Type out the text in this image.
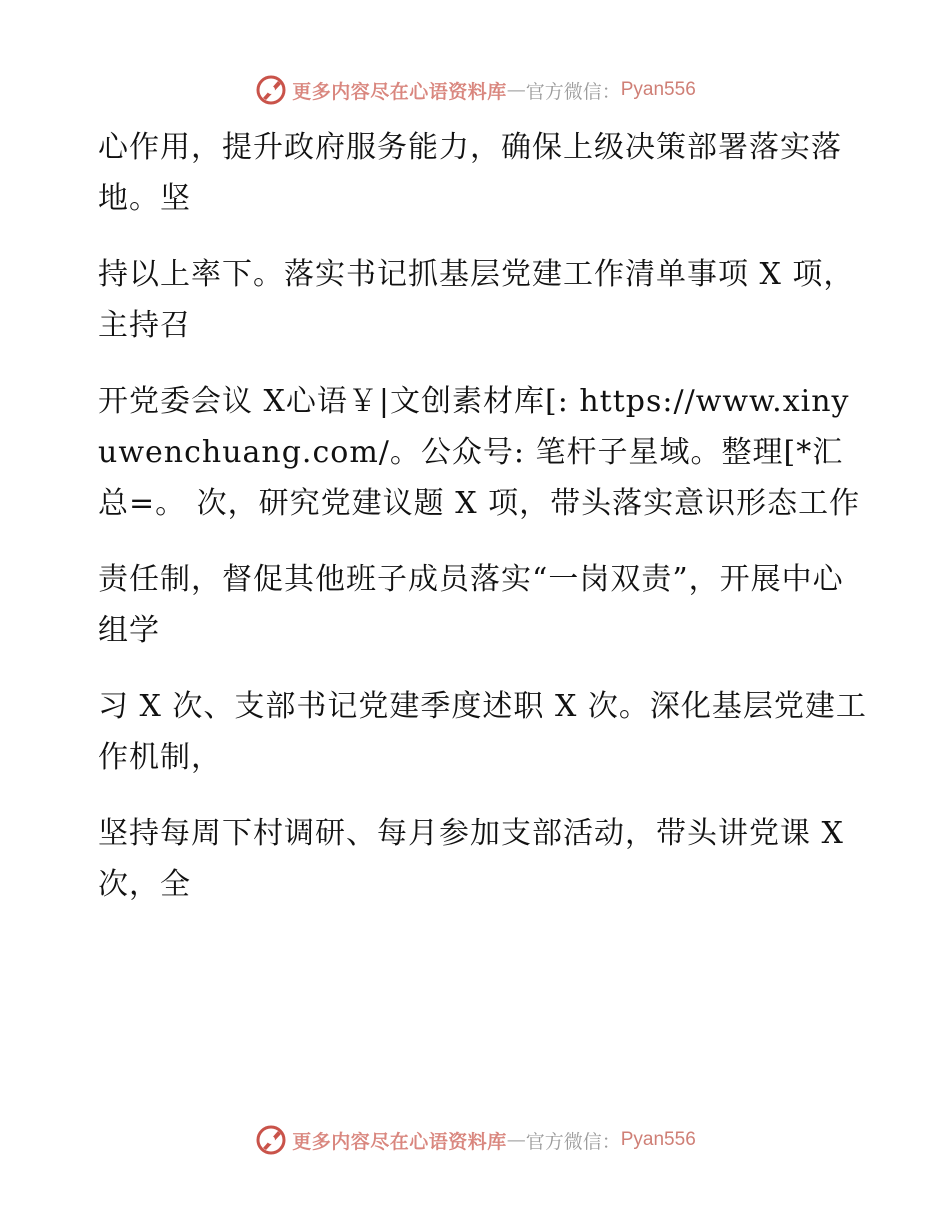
更多内容尽在心语资料库 — 官方微信： Pyan556

心作用，提升政府服务能力，确保上级决策部署落实落地。坚

持以上率下。落实书记抓基层党建工作清单事项 X 项，主持召

开党委会议 X心语￥|文创素材库[: https://www.xinyuwenchuang.com/。公众号: 笔杆子星域。整理[*汇总=。 次，研究党建议题 X 项，带头落实意识形态工作

责任制，督促其他班子成员落实“一岗双责”，开展中心组学

习 X 次、支部书记党建季度述职 X 次。深化基层党建工作机制，

坚持每周下村调研、每月参加支部活动，带头讲党课 X 次，全

更多内容尽在心语资料库 — 官方微信： Pyan556
